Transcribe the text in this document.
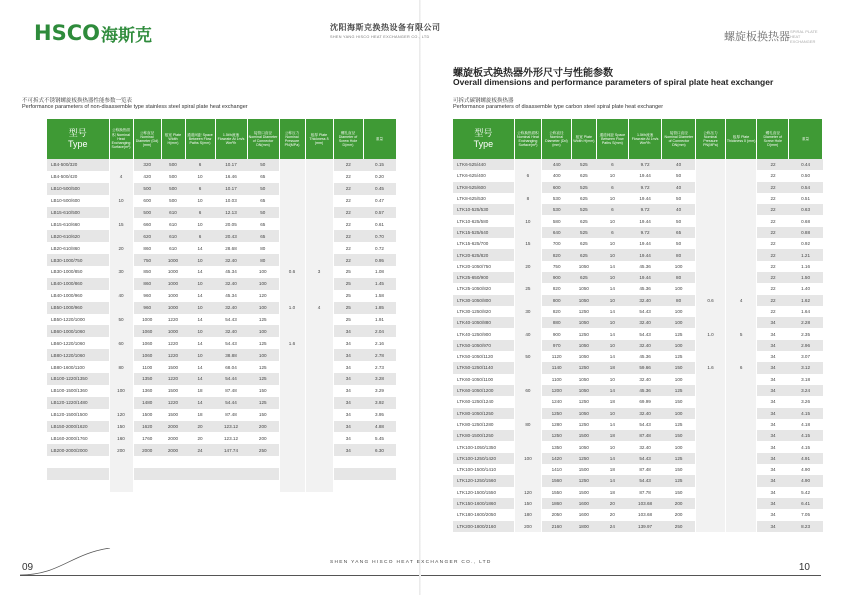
HSCO 海斯克
不可拆式不锈钢螺旋板换热器性能参数一览表
Performance parameters of non-disassemble type stainless steel spiral plate heat exchanger
型号
Type	公称换热面积 Nominal Heat Exchanging Surface(m²)	公称直径 Nominal Diameter (Dd)(mm)	板宽 Plate Width H(mm)	通道间距 Space Between Flow Paths S(mm)	1.5t/h流速 Flowrate At 1m/s Wm³/h	接管口直径 Nominal Diameter of Connector DN(mm)	公称压力 Nominal Pressure PN(MPa)	板厚 Plate Thickness δ (mm)	螺孔直径 Diameter of Screw Hole D(mm)	重量
LB4-500/320		320	500	6	10.17	50			22	0.15
LB4-500/420	4	420	500	10	16.46	65			22	0.20
LB10-500/500		500	500	6	10.17	50			22	0.45
LB10-500/600	10	600	500	10	10.03	65			22	0.47
LB15-610/500		500	610	6	12.13	50			22	0.57
LB15-610/660	15	660	610	10	20.05	65			22	0.61
LB20-610/620		620	610	6	20.43	65			22	0.70
LB20-610/860	20	860	610	14	28.68	80			22	0.72
LB30-1000/750		750	1000	10	32.40	80			22	0.95
LB30-1000/850	30	850	1000	14	45.34	100	0.6	3	25	1.08
LB40-1000/860		860	1000	10	32.40	100			25	1.45
LB40-1000/960	40	960	1000	14	45.34	120			25	1.58
LB50-1000/960		960	1000	10	32.40	100	1.0	4	25	1.85
LB50-1220/1000	50	1000	1220	14	54.43	125			25	1.91
LB60-1000/1060		1060	1000	10	32.40	100			34	2.04
LB60-1220/1060	60	1060	1220	14	54.43	125	1.6		34	2.16
LB80-1220/1060		1060	1220	10	38.88	100			34	2.78
LB80-1600/1100	80	1100	1500	14	68.04	125			34	2.73
LB100-1220/1350		1350	1220	14	54.44	125			34	3.28
LB100-1500/1360	100	1360	1500	18	87.48	150			34	3.29
LB120-1220/1480		1480	1220	14	54.44	125			34	3.92
LB120-1500/1500	120	1500	1500	18	87.48	150			34	3.95
LB150-2000/1620	150	1620	2000	20	123.12	200			34	4.88
LB160-2000/1760	160	1760	2000	20	123.12	200			34	5.45
LB200-2000/2000	200	2000	2000	24	147.74	250			34	6.30

09
螺旋板换热器 SPIRAL PLATE HEAT EXCHANGER
螺旋板式换热器外形尺寸与性能参数
Overall dimensions and performance parameters of spiral plate heat exchanger
可拆式碳钢螺旋板换热器
Performance parameters of disassemble type carbon steel spiral plate heat exchanger
型号
Type	公称换热面积 Nominal Heat Exchanging Surface(m²)	公称直径 Nominal Diameter (Dd)(mm)	板宽 Plate Width H(mm)	通道间距 Space Between Flow Paths S(mm)	1.5t/h流速 Flowrate At 1m/s Wm³/h	接管口直径 Nominal Diameter of Connector DN(mm)	公称压力 Nominal Pressure PN(MPa)	板厚 Plate Thickness δ (mm)	螺孔直径 Diameter of Screw Hole D(mm)	重量
LTK6-525/440		440	525	6	9.72	40			22	0.44
LTK6-625/400	6	400	625	10	19.44	50			22	0.50
LTK8-525/600		600	525	6	9.72	40			22	0.54
LTK8-625/530	8	530	625	10	19.44	50			22	0.51
LTK10-525/530		530	525	6	9.72	40			22	0.63
LTK10-625/580	10	580	625	10	19.44	50			22	0.68
LTK15-525/640		640	525	6	9.72	65			22	0.88
LTK15-625/700	15	700	625	10	19.44	50			22	0.92
LTK20-625/820		820	625	10	19.44	80			22	1.21
LTK20-1050/750	20	750	1050	14	45.36	100			22	1.16
LTK25-650/900		900	625	10	19.44	80			22	1.50
LTK25-1050/820	25	820	1050	14	45.36	100			22	1.40
LTK30-1050/800		800	1050	10	32.40	80	0.6	4	22	1.62
LTK30-1250/820	30	820	1250	14	54.43	100			22	1.64
LTK40-1050/880		880	1050	10	32.40	100			34	2.28
LTK40-1250/900	40	900	1250	14	54.43	125	1.0	5	34	2.35
LTK50-1050/970		970	1050	10	32.40	100			34	2.96
LTK50-1050/1120	50	1120	1050	14	45.36	125			34	3.07
LTK50-1250/1140		1140	1250	18	59.66	150	1.6	6	34	3.12
LTK60-1050/1100		1100	1050	10	32.40	100			34	3.18
LTK60-1050/1200	60	1200	1050	14	45.36	125			34	3.24
LTK60-1250/1240		1240	1250	18	69.99	150			34	3.26
LTK80-1050/1250		1250	1050	10	32.40	100			34	4.15
LTK80-1250/1280	80	1280	1250	14	54.43	125			34	4.18
LTK80-1500/1250		1250	1500	18	87.48	150			34	4.15
LTK100-1050/1350		1350	1050	10	32.40	100			34	4.15
LTK100-1250/1420	100	1420	1250	14	54.43	125			34	4.91
LTK100-1500/1410		1410	1500	18	87.48	150			34	4.90
LTK120-1250/1560		1560	1250	14	54.43	125			34	4.90
LTK120-1500/1550	120	1550	1500	18	87.78	150			34	5.42
LTK150-1600/1860	150	1860	1600	20	103.68	200			34	6.41
LTK180-1600/2050	180	2050	1600	20	103.68	200			34	7.05
LTK200-1800/2160	200	2160	1800	24	139.97	250			34	8.23
10
沈阳海斯克换热设备有限公司
SHEN YANG HISCO HEAT EXCHANGER CO., LTD
SHEN YANG HISCO HEAT EXCHANGER CO., LTD
